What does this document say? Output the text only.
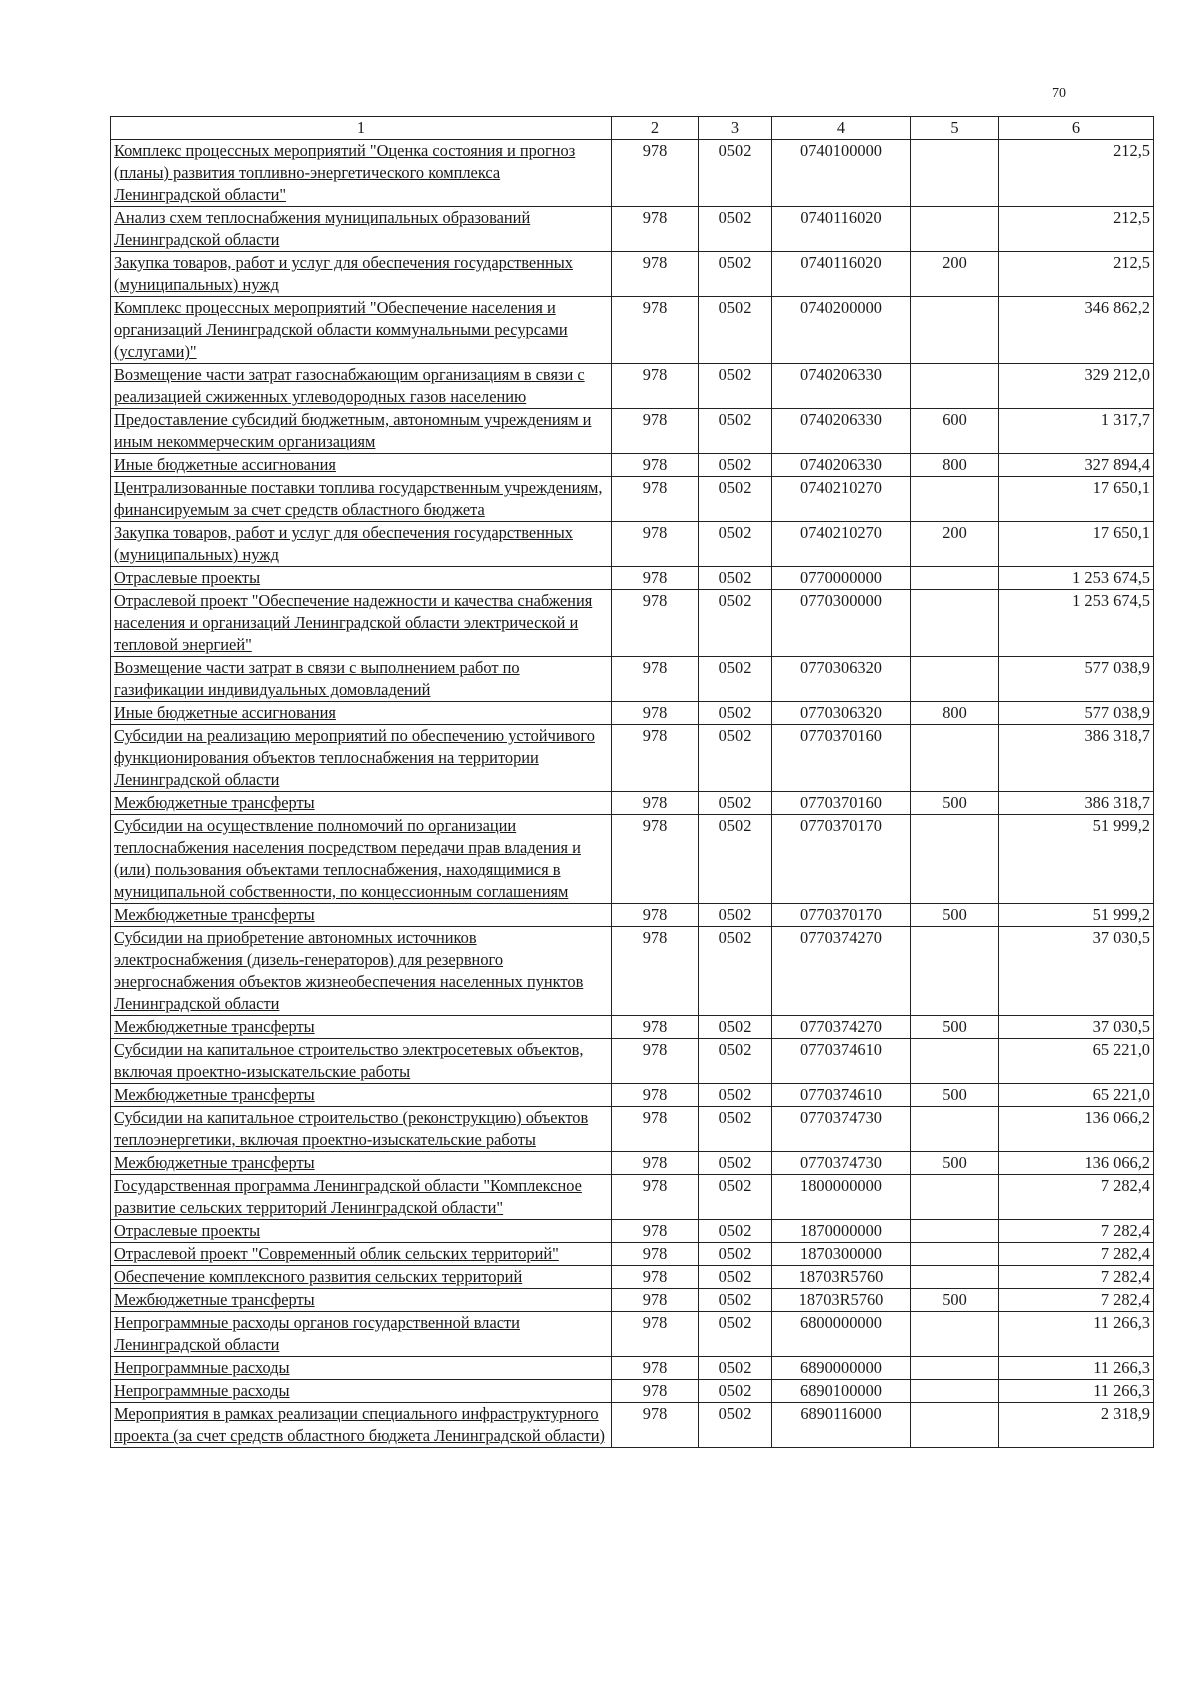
70
1	2	3	4	5	6
Комплекс процессных мероприятий "Оценка состояния и прогноз (планы) развития топливно-энергетического комплекса Ленинградской области"	978	0502	0740100000		212,5
Анализ схем теплоснабжения муниципальных образований Ленинградской области	978	0502	0740116020		212,5
Закупка товаров, работ и услуг для обеспечения государственных (муниципальных) нужд	978	0502	0740116020	200	212,5
Комплекс процессных мероприятий "Обеспечение населения и организаций Ленинградской области коммунальными ресурсами (услугами)"	978	0502	0740200000		346 862,2
Возмещение части затрат газоснабжающим организациям в связи с реализацией сжиженных углеводородных газов населению	978	0502	0740206330		329 212,0
Предоставление субсидий бюджетным, автономным учреждениям и иным некоммерческим организациям	978	0502	0740206330	600	1 317,7
Иные бюджетные ассигнования	978	0502	0740206330	800	327 894,4
Централизованные поставки топлива государственным учреждениям, финансируемым за счет средств областного бюджета	978	0502	0740210270		17 650,1
Закупка товаров, работ и услуг для обеспечения государственных (муниципальных) нужд	978	0502	0740210270	200	17 650,1
Отраслевые проекты	978	0502	0770000000		1 253 674,5
Отраслевой проект "Обеспечение надежности и качества снабжения населения и организаций Ленинградской области электрической и тепловой энергией"	978	0502	0770300000		1 253 674,5
Возмещение части затрат в связи с выполнением работ по газификации индивидуальных домовладений	978	0502	0770306320		577 038,9
Иные бюджетные ассигнования	978	0502	0770306320	800	577 038,9
Субсидии на реализацию мероприятий по обеспечению устойчивого функционирования объектов теплоснабжения на территории Ленинградской области	978	0502	0770370160		386 318,7
Межбюджетные трансферты	978	0502	0770370160	500	386 318,7
Субсидии на осуществление полномочий по организации теплоснабжения населения посредством передачи прав владения и (или) пользования объектами теплоснабжения, находящимися в муниципальной собственности, по концессионным соглашениям	978	0502	0770370170		51 999,2
Межбюджетные трансферты	978	0502	0770370170	500	51 999,2
Субсидии на приобретение автономных источников электроснабжения (дизель-генераторов) для резервного энергоснабжения объектов жизнеобеспечения населенных пунктов Ленинградской области	978	0502	0770374270		37 030,5
Межбюджетные трансферты	978	0502	0770374270	500	37 030,5
Субсидии на капитальное строительство электросетевых объектов, включая проектно-изыскательские работы	978	0502	0770374610		65 221,0
Межбюджетные трансферты	978	0502	0770374610	500	65 221,0
Субсидии на капитальное строительство (реконструкцию) объектов теплоэнергетики, включая проектно-изыскательские работы	978	0502	0770374730		136 066,2
Межбюджетные трансферты	978	0502	0770374730	500	136 066,2
Государственная программа Ленинградской области "Комплексное развитие сельских территорий Ленинградской области"	978	0502	1800000000		7 282,4
Отраслевые проекты	978	0502	1870000000		7 282,4
Отраслевой проект "Современный облик сельских территорий"	978	0502	1870300000		7 282,4
Обеспечение комплексного развития сельских территорий	978	0502	18703R5760		7 282,4
Межбюджетные трансферты	978	0502	18703R5760	500	7 282,4
Непрограммные расходы органов государственной власти Ленинградской области	978	0502	6800000000		11 266,3
Непрограммные расходы	978	0502	6890000000		11 266,3
Непрограммные расходы	978	0502	6890100000		11 266,3
Мероприятия в рамках реализации специального инфраструктурного проекта (за счет средств областного бюджета Ленинградской области)	978	0502	6890116000		2 318,9
